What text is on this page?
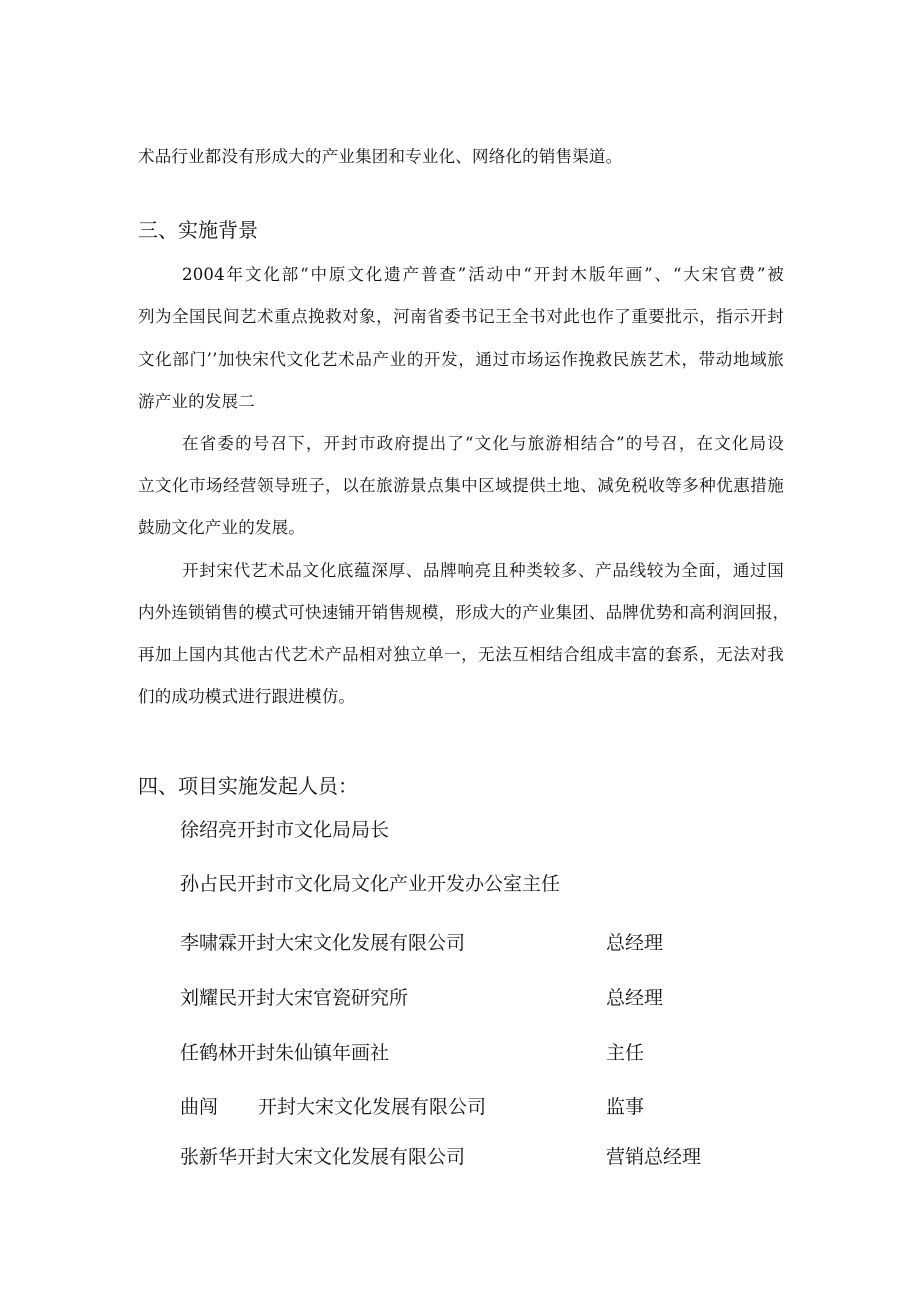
术品行业都没有形成大的产业集团和专业化、网络化的销售渠道。
三、实施背景
2004年文化部“中原文化遗产普查”活动中“开封木版年画”、“大宋官费”被
列为全国民间艺术重点挽救对象，河南省委书记王全书对此也作了重要批示，指示开封
文化部门’’加快宋代文化艺术品产业的开发，通过市场运作挽救民族艺术，带动地域旅
游产业的发展二
在省委的号召下，开封市政府提出了“文化与旅游相结合”的号召，在文化局设
立文化市场经营领导班子，以在旅游景点集中区域提供土地、减免税收等多种优惠措施
鼓励文化产业的发展。
开封宋代艺术品文化底蕴深厚、品牌响亮且种类较多、产品线较为全面，通过国
内外连锁销售的模式可快速铺开销售规模，形成大的产业集团、品牌优势和高利润回报，
再加上国内其他古代艺术产品相对独立单一，无法互相结合组成丰富的套系，无法对我
们的成功模式进行跟进模仿。
四、项目实施发起人员：
徐绍亮开封市文化局局长
孙占民开封市文化局文化产业开发办公室主任
李啸霖开封大宋文化发展有限公司	总经理
刘耀民开封大宋官瓷研究所	总经理
任鹤林开封朱仙镇年画社	主任
曲闯 开封大宋文化发展有限公司	监事
张新华开封大宋文化发展有限公司	营销总经理
